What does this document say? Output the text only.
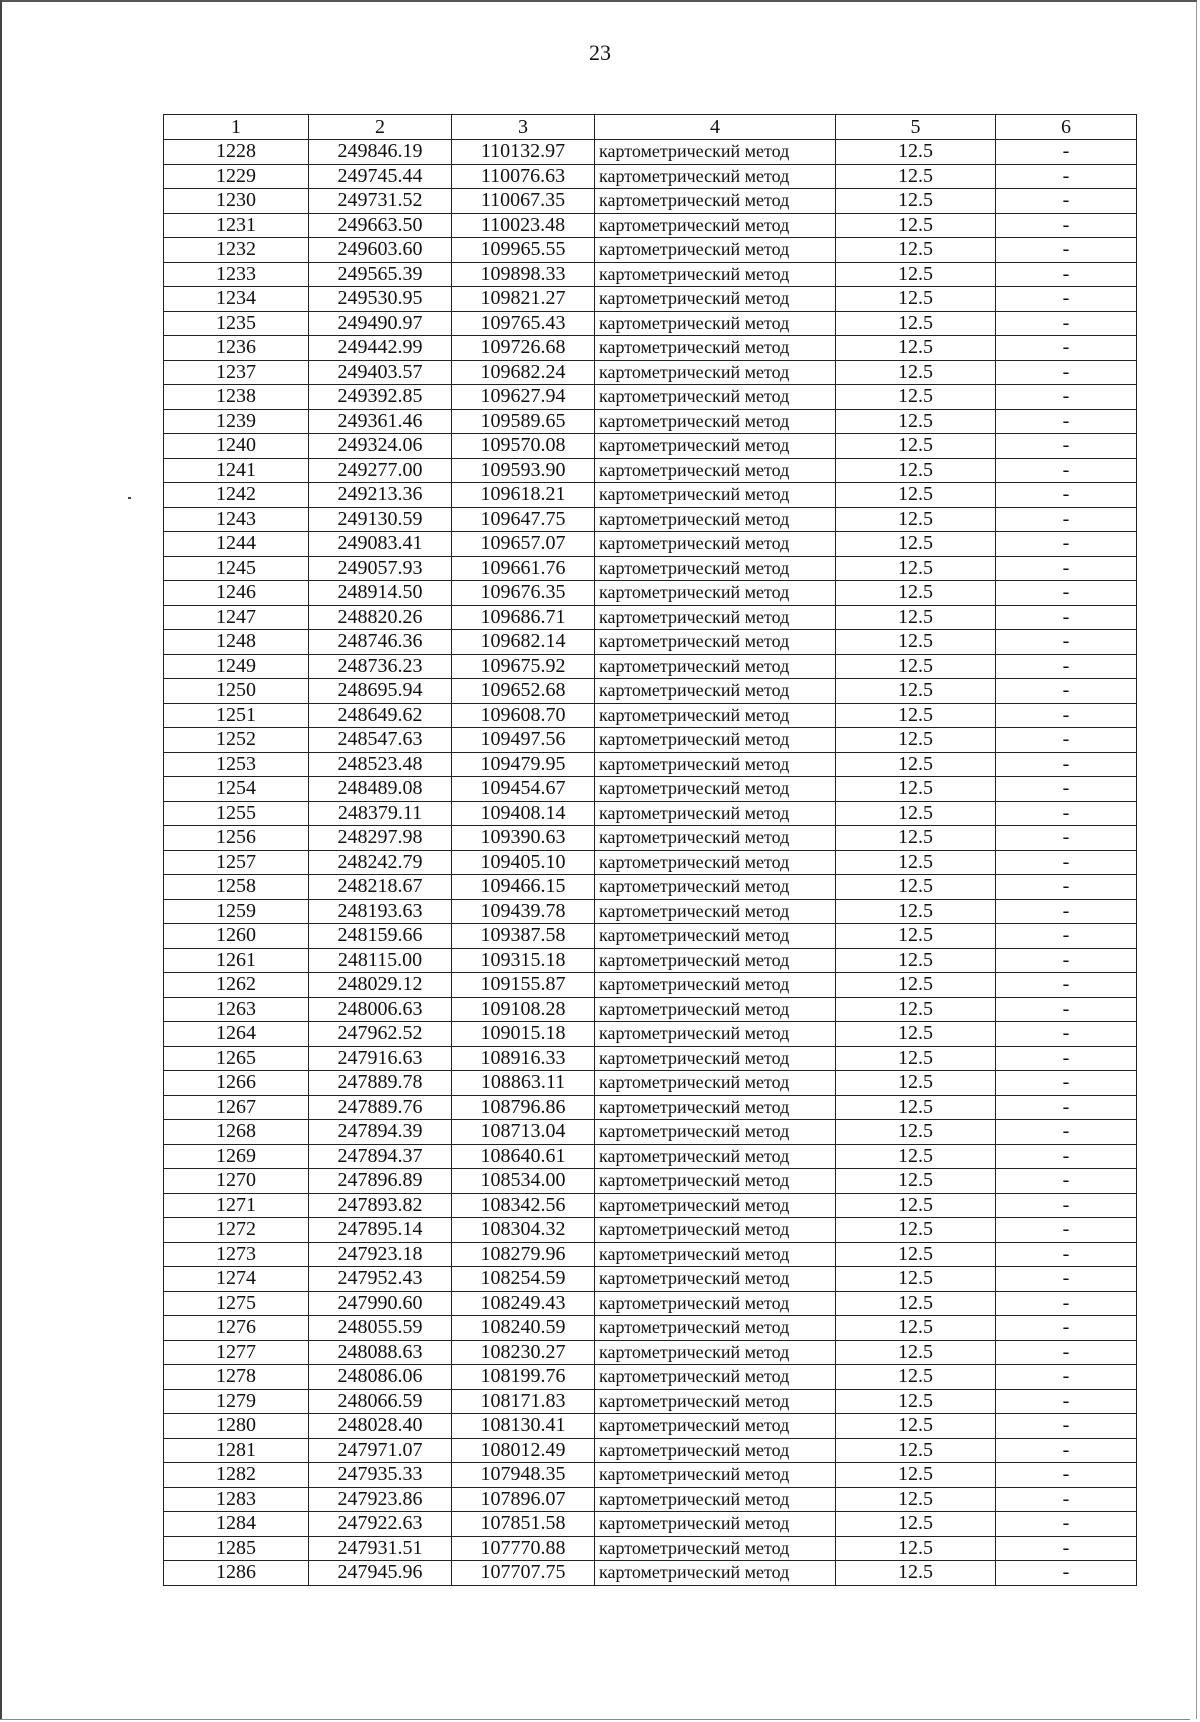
23
1	2	3	4	5	6
1228	249846.19	110132.97	картометрический метод	12.5	-
1229	249745.44	110076.63	картометрический метод	12.5	-
1230	249731.52	110067.35	картометрический метод	12.5	-
1231	249663.50	110023.48	картометрический метод	12.5	-
1232	249603.60	109965.55	картометрический метод	12.5	-
1233	249565.39	109898.33	картометрический метод	12.5	-
1234	249530.95	109821.27	картометрический метод	12.5	-
1235	249490.97	109765.43	картометрический метод	12.5	-
1236	249442.99	109726.68	картометрический метод	12.5	-
1237	249403.57	109682.24	картометрический метод	12.5	-
1238	249392.85	109627.94	картометрический метод	12.5	-
1239	249361.46	109589.65	картометрический метод	12.5	-
1240	249324.06	109570.08	картометрический метод	12.5	-
1241	249277.00	109593.90	картометрический метод	12.5	-
1242	249213.36	109618.21	картометрический метод	12.5	-
1243	249130.59	109647.75	картометрический метод	12.5	-
1244	249083.41	109657.07	картометрический метод	12.5	-
1245	249057.93	109661.76	картометрический метод	12.5	-
1246	248914.50	109676.35	картометрический метод	12.5	-
1247	248820.26	109686.71	картометрический метод	12.5	-
1248	248746.36	109682.14	картометрический метод	12.5	-
1249	248736.23	109675.92	картометрический метод	12.5	-
1250	248695.94	109652.68	картометрический метод	12.5	-
1251	248649.62	109608.70	картометрический метод	12.5	-
1252	248547.63	109497.56	картометрический метод	12.5	-
1253	248523.48	109479.95	картометрический метод	12.5	-
1254	248489.08	109454.67	картометрический метод	12.5	-
1255	248379.11	109408.14	картометрический метод	12.5	-
1256	248297.98	109390.63	картометрический метод	12.5	-
1257	248242.79	109405.10	картометрический метод	12.5	-
1258	248218.67	109466.15	картометрический метод	12.5	-
1259	248193.63	109439.78	картометрический метод	12.5	-
1260	248159.66	109387.58	картометрический метод	12.5	-
1261	248115.00	109315.18	картометрический метод	12.5	-
1262	248029.12	109155.87	картометрический метод	12.5	-
1263	248006.63	109108.28	картометрический метод	12.5	-
1264	247962.52	109015.18	картометрический метод	12.5	-
1265	247916.63	108916.33	картометрический метод	12.5	-
1266	247889.78	108863.11	картометрический метод	12.5	-
1267	247889.76	108796.86	картометрический метод	12.5	-
1268	247894.39	108713.04	картометрический метод	12.5	-
1269	247894.37	108640.61	картометрический метод	12.5	-
1270	247896.89	108534.00	картометрический метод	12.5	-
1271	247893.82	108342.56	картометрический метод	12.5	-
1272	247895.14	108304.32	картометрический метод	12.5	-
1273	247923.18	108279.96	картометрический метод	12.5	-
1274	247952.43	108254.59	картометрический метод	12.5	-
1275	247990.60	108249.43	картометрический метод	12.5	-
1276	248055.59	108240.59	картометрический метод	12.5	-
1277	248088.63	108230.27	картометрический метод	12.5	-
1278	248086.06	108199.76	картометрический метод	12.5	-
1279	248066.59	108171.83	картометрический метод	12.5	-
1280	248028.40	108130.41	картометрический метод	12.5	-
1281	247971.07	108012.49	картометрический метод	12.5	-
1282	247935.33	107948.35	картометрический метод	12.5	-
1283	247923.86	107896.07	картометрический метод	12.5	-
1284	247922.63	107851.58	картометрический метод	12.5	-
1285	247931.51	107770.88	картометрический метод	12.5	-
1286	247945.96	107707.75	картометрический метод	12.5	-
